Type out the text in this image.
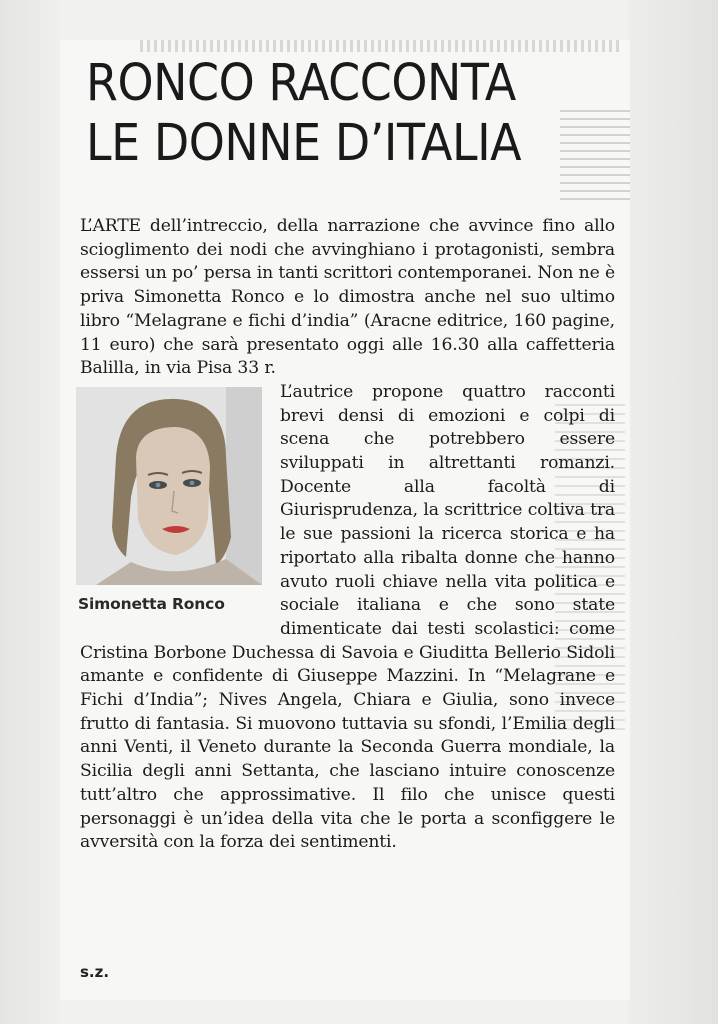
RONCO RACCONTA
LE DONNE D’ITALIA

L’ARTE dell’intreccio, della narrazione che avvince fino allo scioglimento dei nodi che avvinghiano i protagonisti, sembra essersi un po’ persa in tanti scrittori contemporanei. Non ne è priva Simonetta Ronco e lo dimostra anche nel suo ultimo libro “Melagrane e fichi d’india” (Aracne editrice, 160 pagine, 11 euro) che sarà presentato oggi alle 16.30 alla caffetteria Balilla, in via Pisa 33 r.

Simonetta Ronco

L’autrice propone quattro racconti brevi densi di emozioni e colpi di scena che potrebbero essere sviluppati in altrettanti romanzi. Docente alla facoltà di Giurisprudenza, la scrittrice coltiva tra le sue passioni la ricerca storica e ha riportato alla ribalta donne che hanno avuto ruoli chiave nella vita politica e sociale italiana e che sono state dimenticate dai testi scolastici: come Cristina Borbone Duchessa di Savoia e Giuditta Bellerio Sidoli amante e confidente di Giuseppe Mazzini. In “Melagrane e Fichi d’India”; Nives Angela, Chiara e Giulia, sono invece frutto di fantasia. Si muovono tuttavia su sfondi, l’Emilia degli anni Venti, il Veneto durante la Seconda Guerra mondiale, la Sicilia degli anni Settanta, che lasciano intuire conoscenze tutt’altro che approssimative. Il filo che unisce questi personaggi è un’idea della vita che le porta a sconfiggere le avversità con la forza dei sentimenti.

s.z.
